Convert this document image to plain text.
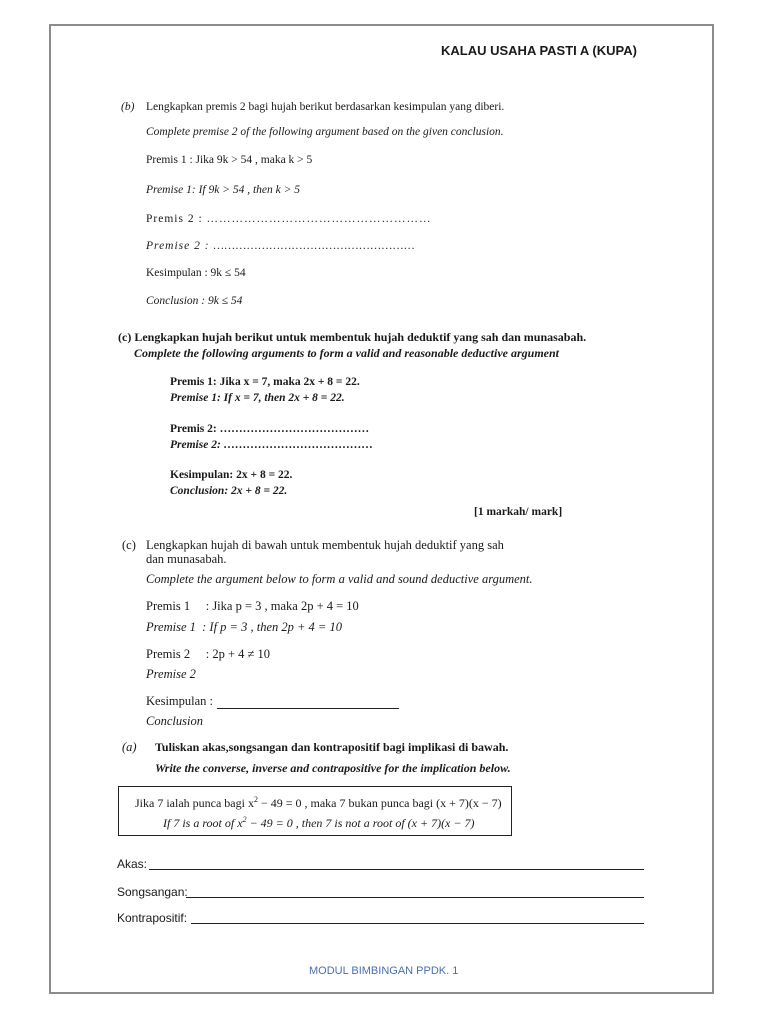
KALAU USAHA PASTI A (KUPA)
(b) Lengkapkan premis 2 bagi hujah berikut berdasarkan kesimpulan yang diberi.
Complete premise 2 of the following argument based on the given conclusion.
Premis 1 : Jika 9k > 54 , maka k > 5
Premise 1: If 9k > 54 , then k > 5
Premis 2 : ………………………………………………
Premise 2 : ………………………………………………
Kesimpulan : 9k ≤ 54
Conclusion : 9k ≤ 54
(c) Lengkapkan hujah berikut untuk membentuk hujah deduktif yang sah dan munasabah.
Complete the following arguments to form a valid and reasonable deductive argument
Premis 1: Jika x = 7, maka 2x + 8 = 22.
Premise 1: If x = 7, then 2x + 8 = 22.
Premis 2: …………………………………
Premise 2: …………………………………
Kesimpulan: 2x + 8 = 22.
Conclusion: 2x + 8 = 22.
[1 markah/ mark]
(c) Lengkapkan hujah di bawah untuk membentuk hujah deduktif yang sah
dan munasabah.
Complete the argument below to form a valid and sound deductive argument.
Premis 1     : Jika p = 3 , maka 2p + 4 = 10
Premise 1  : If p = 3 , then 2p + 4 = 10
Premis 2     : 2p + 4 ≠ 10
Premise 2
Kesimpulan :
Conclusion
(a) Tuliskan akas,songsangan dan kontrapositif bagi implikasi di bawah.
Write the converse, inverse and contrapositive for the implication below.
Jika 7 ialah punca bagi $x^2 - 49 = 0$ , maka 7 bukan punca bagi (x + 7)(x − 7)
If 7 is a root of $x^2 - 49 = 0$ , then 7 is not a root of (x + 7)(x − 7)
Akas:
Songsangan:
Kontrapositif:
MODUL BIMBINGAN PPDK. 1
